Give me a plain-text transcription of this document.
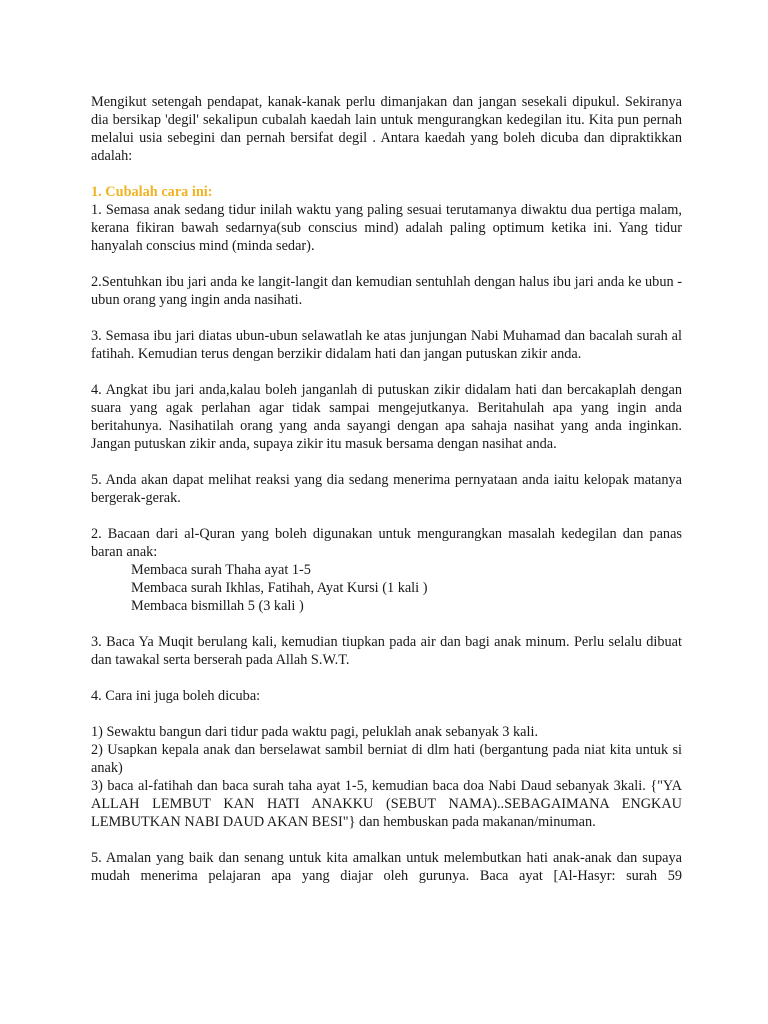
Mengikut setengah pendapat, kanak-kanak perlu dimanjakan dan jangan sesekali dipukul. Sekiranya dia bersikap 'degil' sekalipun cubalah kaedah lain untuk mengurangkan kedegilan itu. Kita pun pernah melalui usia sebegini dan pernah bersifat degil . Antara kaedah yang boleh dicuba dan dipraktikkan adalah:

1. Cubalah cara ini:

1. Semasa anak sedang tidur inilah waktu yang paling sesuai terutamanya diwaktu dua pertiga malam, kerana fikiran bawah sedarnya(sub conscius mind) adalah paling optimum ketika ini. Yang tidur hanyalah conscius mind (minda sedar).

2.Sentuhkan ibu jari anda ke langit-langit dan kemudian sentuhlah dengan halus ibu jari anda ke ubun - ubun orang yang ingin anda nasihati.

3. Semasa ibu jari diatas ubun-ubun selawatlah ke atas junjungan Nabi Muhamad dan bacalah surah al fatihah. Kemudian terus dengan berzikir didalam hati dan jangan putuskan zikir anda.

4. Angkat ibu jari anda,kalau boleh janganlah di putuskan zikir didalam hati dan bercakaplah dengan suara yang agak perlahan agar tidak sampai mengejutkanya. Beritahulah apa yang ingin anda beritahunya. Nasihatilah orang yang anda sayangi dengan apa sahaja nasihat yang anda inginkan. Jangan putuskan zikir anda, supaya zikir itu masuk bersama dengan nasihat anda.

5. Anda akan dapat melihat reaksi yang dia sedang menerima pernyataan anda iaitu kelopak matanya bergerak-gerak.

2. Bacaan dari al-Quran yang boleh digunakan untuk mengurangkan masalah kedegilan dan panas baran anak:

Membaca surah Thaha ayat 1-5

Membaca surah Ikhlas, Fatihah, Ayat Kursi (1 kali )

Membaca bismillah 5 (3 kali )

3. Baca Ya Muqit berulang kali, kemudian tiupkan pada air dan bagi anak minum. Perlu selalu dibuat dan tawakal serta berserah pada Allah S.W.T.

4. Cara ini juga boleh dicuba:

1) Sewaktu bangun dari tidur pada waktu pagi, peluklah anak sebanyak 3 kali.

2) Usapkan kepala anak dan berselawat sambil berniat di dlm hati (bergantung pada niat kita untuk si anak)

3) baca al-fatihah dan baca surah taha ayat 1-5, kemudian baca doa Nabi Daud sebanyak 3kali. {"YA ALLAH LEMBUT KAN HATI ANAKKU (SEBUT NAMA)..SEBAGAIMANA ENGKAU LEMBUTKAN NABI DAUD AKAN BESI"} dan hembuskan pada makanan/minuman.

5. Amalan yang baik dan senang untuk kita amalkan untuk melembutkan hati anak-anak dan supaya mudah menerima pelajaran apa yang diajar oleh gurunya. Baca ayat [Al-Hasyr: surah 59
